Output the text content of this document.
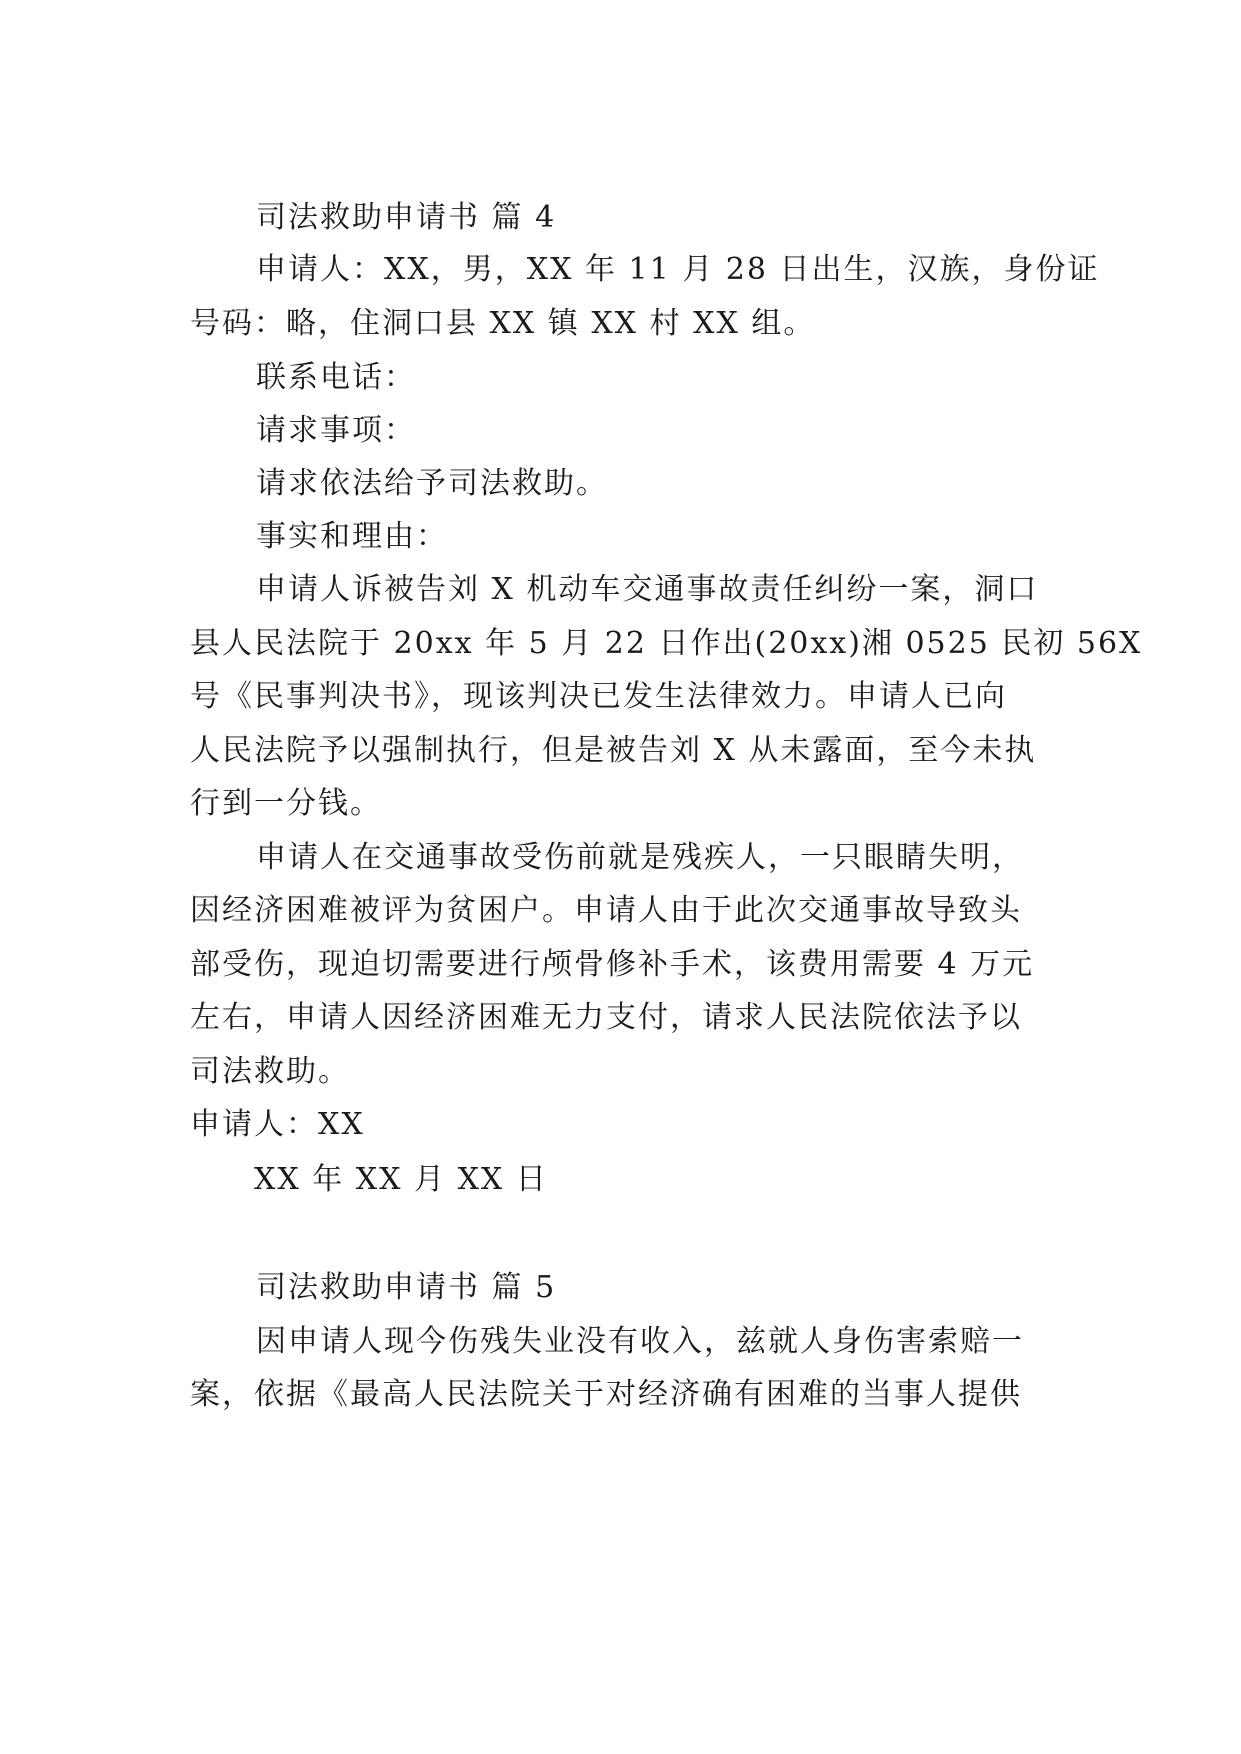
司法救助申请书 篇 4
申请人：XX，男，XX 年 11 月 28 日出生，汉族，身份证
号码：略，住洞口县 XX 镇 XX 村 XX 组。
联系电话：
请求事项：
请求依法给予司法救助。
事实和理由：
申请人诉被告刘 X 机动车交通事故责任纠纷一案，洞口
县人民法院于 20xx 年 5 月 22 日作出(20xx)湘 0525 民初 56X
号《民事判决书》，现该判决已发生法律效力。申请人已向
人民法院予以强制执行，但是被告刘 X 从未露面，至今未执
行到一分钱。
申请人在交通事故受伤前就是残疾人，一只眼睛失明，
因经济困难被评为贫困户。申请人由于此次交通事故导致头
部受伤，现迫切需要进行颅骨修补手术，该费用需要 4 万元
左右，申请人因经济困难无力支付，请求人民法院依法予以
司法救助。
申请人：XX
XX 年 XX 月 XX 日
司法救助申请书 篇 5
因申请人现今伤残失业没有收入，兹就人身伤害索赔一
案，依据《最高人民法院关于对经济确有困难的当事人提供
